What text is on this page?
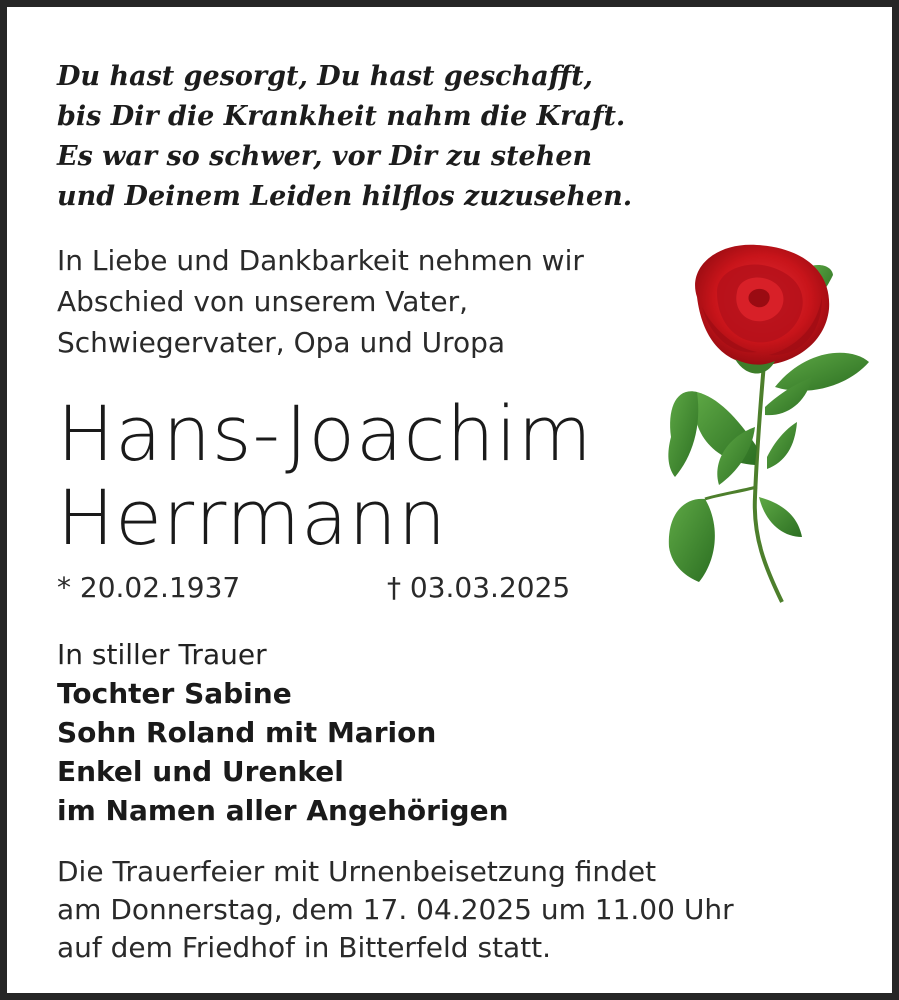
Du hast gesorgt, Du hast geschafft,
bis Dir die Krankheit nahm die Kraft.
Es war so schwer, vor Dir zu stehen
und Deinem Leiden hilflos zuzusehen.
In Liebe und Dankbarkeit nehmen wir
Abschied von unserem Vater,
Schwiegervater, Opa und Uropa
Hans-Joachim
Herrmann
* 20.02.1937	† 03.03.2025
In stiller Trauer
Tochter Sabine
Sohn Roland mit Marion
Enkel und Urenkel
im Namen aller Angehörigen
Die Trauerfeier mit Urnenbeisetzung findet
am Donnerstag, dem 17. 04.2025 um 11.00 Uhr
auf dem Friedhof in Bitterfeld statt.
